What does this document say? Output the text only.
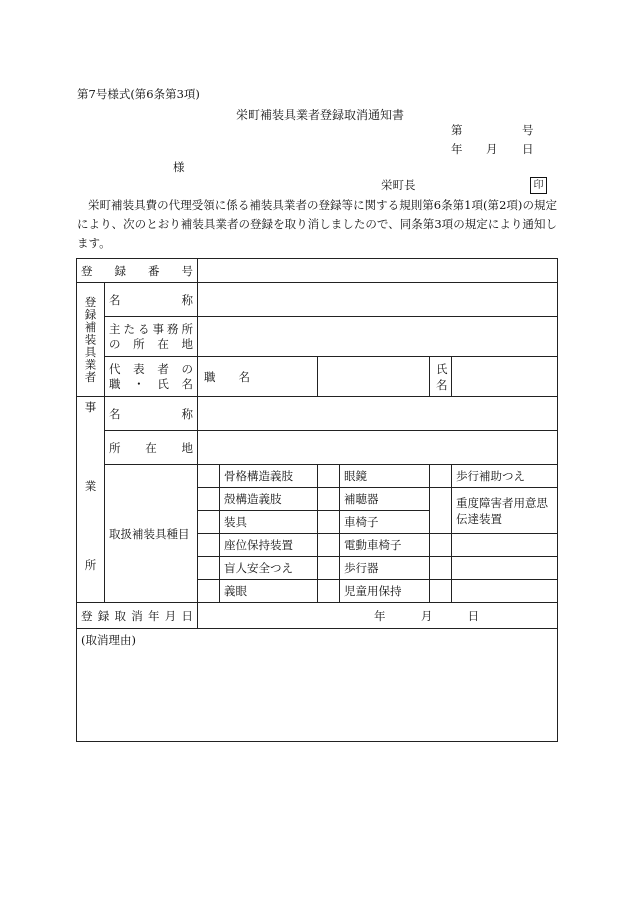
第7号様式(第6条第3項)
栄町補装具業者登録取消通知書
第	号
年 月 日
様
栄町長	印
栄町補装具費の代理受領に係る補装具業者の登録等に関する規則第6条第1項(第2項)の規定により、次のとおり補装具業者の登録を取り消しましたので、同条第3項の規定により通知します。
登　録　番　号							
登録補装具業者	名　　称						

	主たる事務所
の　所　在　地						

	代　表　者　の
職　・　氏　名	職　　名				氏　　名	
事　業　所	名　　　称						
	所　　在　　地						
	取扱補装具種目		骨格構造義肢		眼鏡		歩行補助つえ
			殻構造義肢		補聴器		重度障害者用意思伝達装置
			装具		車椅子		
			座位保持装置		電動車椅子		
			盲人安全つえ		歩行器		
			義眼		児童用保持		
登録取消年月日		年 月 日					
(取消理由)							
